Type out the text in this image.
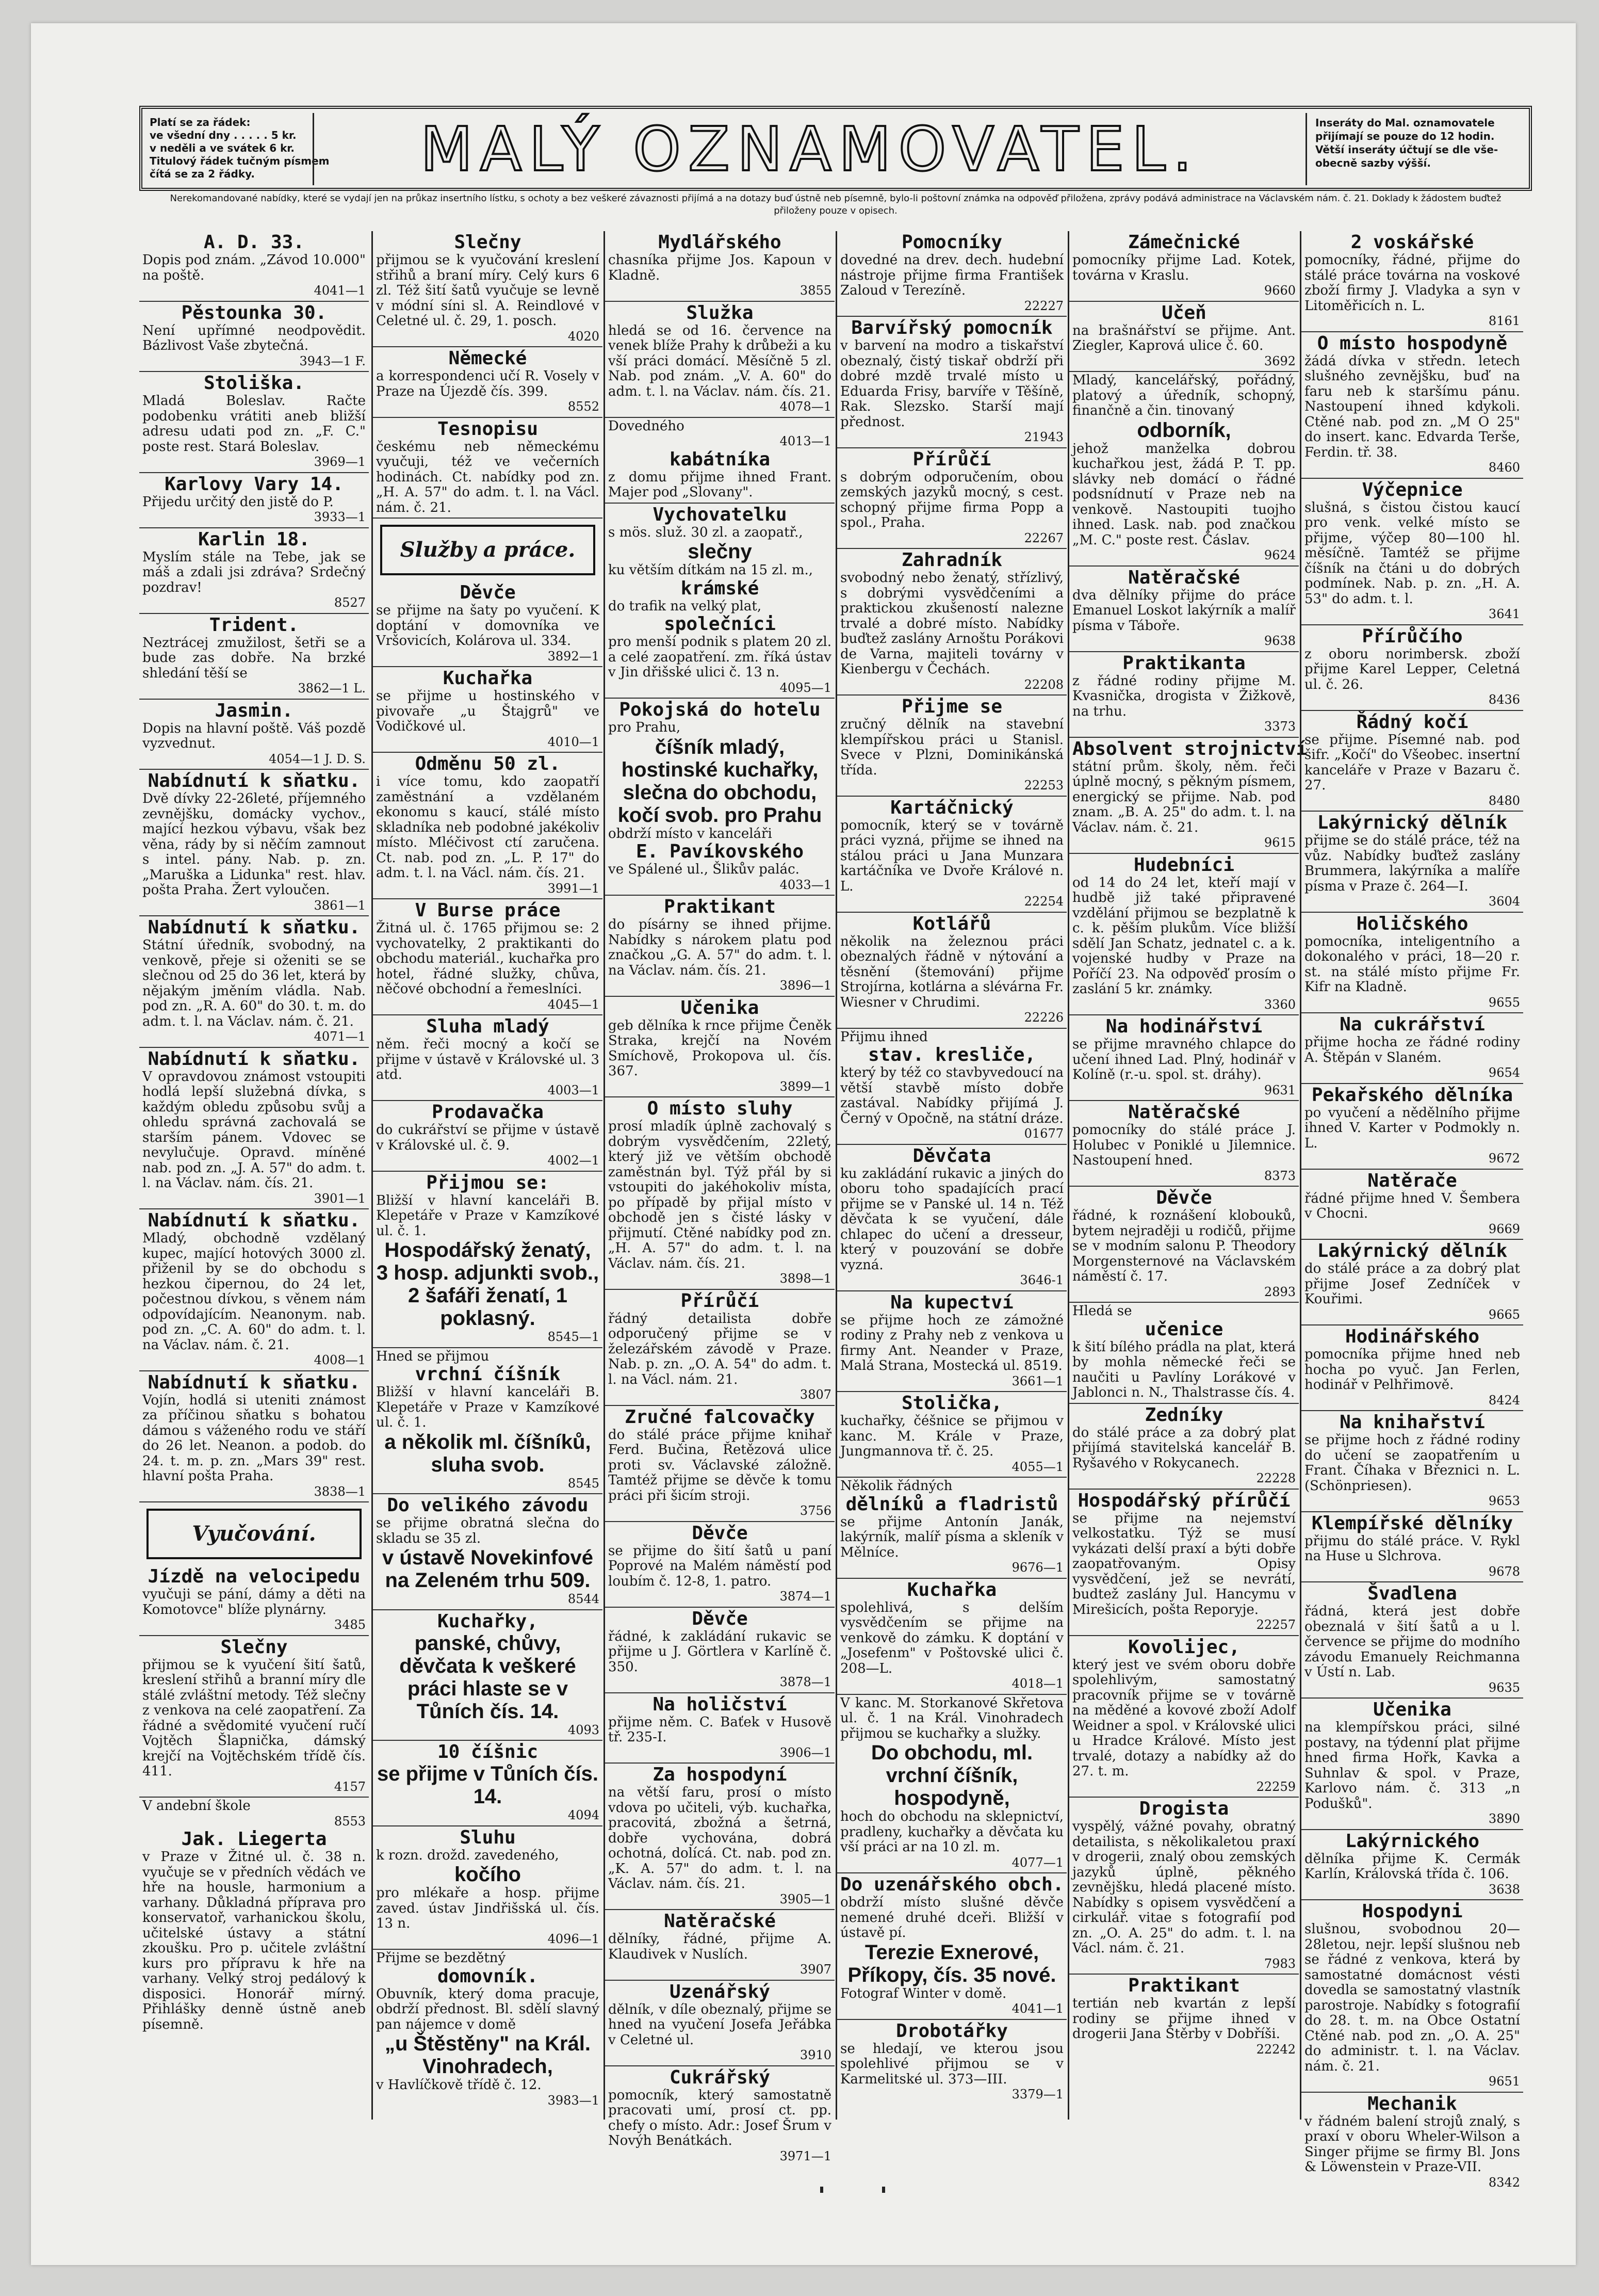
Platí se za řádek:
ve všední dny . . . . . 5 kr.
v neděli a ve svátek 6 kr.
Titulový řádek tučným písmem
čítá se za 2 řádky.	MALÝ OZNAMOVATEL.	Inseráty do Mal. oznamovatele
přijímají se pouze do 12 hodin.
Větší inseráty účtují se dle vše-
obecně sazby výšší.
Nerekomandované nabídky, které se vydají jen na průkaz insertního lístku, s ochoty a bez veškeré závaznosti přijímá a na dotazy buď ústně neb písemně, bylo-li poštovní známka na odpověď přiložena, zprávy podává administrace na Václavském nám. č. 21. Doklady k žádostem buďtež přiloženy pouze v opisech.
A. D. 33.
Dopis pod znám. „Závod 10.000" na poště.
4041—1
Pěstounka 30.
Není upřímné neodpovědit. Bázlivost Vaše zbytečná.
3943—1 F.
Stoliška.
Mladá Boleslav. Račte podobenku vrátiti aneb bližší adresu udati pod zn. „F. C." poste rest. Stará Boleslav.
3969—1
Karlovy Vary 14.
Přijedu určitý den jistě do P.
3933—1
Karlin 18.
Myslím stále na Tebe, jak se máš a zdali jsi zdráva? Srdečný pozdrav!
8527
Trident.
Neztrácej zmužilost, šetři se a bude zas dobře. Na brzké shledání těší se
3862—1 L.
Jasmin.
Dopis na hlavní poště. Váš pozdě vyzvednut.
4054—1 J. D. S.
Nabídnutí k sňatku.
Dvě dívky 22-26leté, příjemného zevnějšku, domácky vychov., mající hezkou výbavu, však bez věna, rády by si něčím zamnout s intel. pány. Nab. p. zn. „Maruška a Lidunka" rest. hlav. pošta Praha. Žert vyloučen.
3861—1
Nabídnutí k sňatku.
Státní úředník, svobodný, na venkově, přeje si oženiti se se slečnou od 25 do 36 let, která by nějakým jměním vládla. Nab. pod zn. „R. A. 60" do 30. t. m. do adm. t. l. na Václav. nám. č. 21.
4071—1
Nabídnutí k sňatku.
V opravdovou známost vstoupiti hodlá lepší služebná dívka, s každým obledu způsobu svůj a ohledu správná zachovalá se starším pánem. Vdovec se nevylučuje. Opravd. míněné nab. pod zn. „J. A. 57" do adm. t. l. na Václav. nám. čís. 21.
3901—1
Nabídnutí k sňatku.
Mladý, obchodně vzdělaný kupec, mající hotových 3000 zl. přiženil by se do obchodu s hezkou čipernou, do 24 let, počestnou dívkou, s věnem nám odpovídajícím. Neanonym. nab. pod zn. „C. A. 60" do adm. t. l. na Václav. nám. č. 21.
4008—1
Nabídnutí k sňatku.
Vojín, hodlá si uteniti známost za příčinou sňatku s bohatou dámou s váženého rodu ve stáří do 26 let. Neanon. a podob. do 24. t. m. p. zn. „Mars 39" rest. hlavní pošta Praha.
3838—1
Vyučování.
Jízdě na velocipedu
vyučuji se pání, dámy a děti na Komotovce" blíže plynárny.
3485
Slečny
přijmou se k vyučení šití šatů, kreslení střihů a branní míry dle stálé zvláštní metody. Též slečny z venkova na celé zaopatření. Za řádné a svědomité vyučení ručí Vojtěch Šlapnička, dámský krejčí na Vojtěchském třídě čís. 411.
4157
V andební škole
8553
Jak. Liegerta
v Praze v Žitné ul. č. 38 n. vyučuje se v předních vědách ve hře na housle, harmonium a varhany. Důkladná příprava pro konservatoř, varhanickou školu, učitelské ústavy a státní zkoušku. Pro p. učitele zvláštní kurs pro přípravu k hře na varhany. Velký stroj pedálový k disposici. Honorář mírný. Přihlášky denně ústně aneb písemně.
Slečny
přijmou se k vyučování kreslení střihů a braní míry. Celý kurs 6 zl. Též šití šatů vyučuje se levně v módní síni sl. A. Reindlové v Celetné ul. č. 29, 1. posch.
4020
Německé
a korrespondenci učí R. Vosely v Praze na Újezdě čís. 399.
8552
Tesnopisu
českému neb německému vyučuji, též ve večerních hodinách. Ct. nabídky pod zn. „H. A. 57" do adm. t. l. na Václ. nám. č. 21.
Služby a práce.
Děvče
se přijme na šaty po vyučení. K doptání v domovníka ve Vršovicích, Kolárova ul. 334.
3892—1
Kuchařka
se přijme u hostinského v pivovaře „u Štajgrů" ve Vodičkové ul.
4010—1
Odměnu 50 zl.
i více tomu, kdo zaopatří zaměstnání a vzdělaném ekonomu s kaucí, stálé místo skladníka neb podobné jakékoliv místo. Mléčivost ctí zaručena. Ct. nab. pod zn. „L. P. 17" do adm. t. l. na Václ. nám. čís. 21.
3991—1
V Burse práce
Žitná ul. č. 1765 přijmou se: 2 vychovatelky, 2 praktikanti do obchodu materiál., kuchařka pro hotel, řádné služky, chůva, něčové obchodní a řemeslníci.
4045—1
Sluha mladý
něm. řeči mocný a kočí se přijme v ústavě v Královské ul. 3 atd.
4003—1
Prodavačka
do cukrářství se přijme v ústavě v Královské ul. č. 9.
4002—1
Přijmou se:
Bližší v hlavní kanceláři B. Klepetáře v Praze v Kamzíkové ul. č. 1.
Hospodářský ženatý, 3 hosp. adjunkti svob., 2 šafáři ženatí, 1 poklasný.
8545—1
Hned se přijmou
vrchní číšník
Bližší v hlavní kanceláři B. Klepetáře v Praze v Kamzíkové ul. č. 1.
a několik ml. číšníků, sluha svob.
8545
Do velikého závodu
se přijme obratná slečna do skladu se 35 zl.
v ústavě Novekinfové na Zeleném trhu 509.
8544
Kuchařky,
panské, chůvy, děvčata k veškeré práci hlaste se v Tůních čís. 14.
4093
10 číšnic
se přijme v Tůních čís. 14.
4094
Sluhu
k rozn. drožd. zavedeného,
kočího
pro mlékaře a hosp. přijme zaved. ústav Jindřišská ul. čís. 13 n.
4096—1
Přijme se bezdětný
domovník.
Obuvník, který doma pracuje, obdrží přednost. Bl. sdělí slavný pan nájemce v domě
„u Štěstěny" na Král. Vinohradech,
v Havlíčkově třídě č. 12.
3983—1
Mydlářského
chasníka přijme Jos. Kapoun v Kladně.
3855
Služka
hledá se od 16. července na venek blíže Prahy k drůbeži a ku vší práci domácí. Měsíčně 5 zl. Nab. pod znám. „V. A. 60" do adm. t. l. na Václav. nám. čís. 21.
4078—1
Dovedného
4013—1
kabátníka
z domu přijme ihned Frant. Majer pod „Slovany".
Vychovatelku
s mös. služ. 30 zl. a zaopatř.,
slečny
ku větším dítkám na 15 zl. m.,
krámské
do trafik na velký plat,
společníci
pro menší podnik s platem 20 zl. a celé zaopatření. zm. říká ústav v Jin dřišské ulici č. 13 n.
4095—1
Pokojská do hotelu
pro Prahu,
číšník mladý, hostinské kuchařky, slečna do obchodu, kočí svob. pro Prahu
obdrží místo v kanceláři
E. Pavíkovského
ve Spálené ul., Šlikův palác.
4033—1
Praktikant
do písárny se ihned přijme. Nabídky s nárokem platu pod značkou „G. A. 57" do adm. t. l. na Václav. nám. čís. 21.
3896—1
Učenika
geb dělníka k rnce přijme Čeněk Straka, krejčí na Novém Smíchově, Prokopova ul. čís. 367.
3899—1
O místo sluhy
prosí mladík úplně zachovalý s dobrým vysvědčením, 22letý, který již ve větším obchodě zaměstnán byl. Týž přál by si vstoupiti do jakéhokoliv místa, po případě by přijal místo v obchodě jen s čisté lásky v přijmutí. Ctěné nabídky pod zn. „H. A. 57" do adm. t. l. na Václav. nám. čís. 21.
3898—1
Přírůčí
řádný detailista dobře odporučený přijme se v železářském závodě v Praze. Nab. p. zn. „O. A. 54" do adm. t. l. na Václ. nám. 21.
3807
Zručné falcovačky
do stálé práce přijme knihař Ferd. Bučina, Řetězová ulice proti sv. Václavské záložně. Tamtéž přijme se děvče k tomu práci při šicím stroji.
3756
Děvče
se přijme do šití šatů u paní Poprové na Malém náměstí pod loubím č. 12-8, 1. patro.
3874—1
Děvče
řádné, k zakládání rukavic se přijme u J. Görtlera v Karlíně č. 350.
3878—1
Na holičství
přijme něm. C. Baťek v Husově tř. 235-I.
3906—1
Za hospodyní
na větší faru, prosí o místo vdova po učiteli, výb. kuchařka, pracovitá, zbožná a šetrná, dobře vychována, dobrá ochotná, dolícá. Ct. nab. pod zn. „K. A. 57" do adm. t. l. na Václav. nám. čís. 21.
3905—1
Natěračské
dělníky, řádné, přijme A. Klaudivek v Nuslích.
3907
Uzenářský
dělník, v díle obeznalý, přijme se hned na vyučení Josefa Jeřábka v Celetné ul.
3910
Cukrářský
pomocník, který samostatně pracovati umí, prosí ct. pp. chefy o místo. Adr.: Josef Šrum v Novýh Benátkách.
3971—1
Pomocníky
dovedné na drev. dech. hudební nástroje přijme firma František Zaloud v Terezíně.
22227
Barvířský pomocník
v barvení na modro a tiskařství obeznalý, čistý tiskař obdrží při dobré mzdě trvalé místo u Eduarda Frisy, barvíře v Těšíně, Rak. Slezsko. Starší mají přednost.
21943
Přírůčí
s dobrým odporučením, obou zemských jazyků mocný, s cest. schopný přijme firma Popp a spol., Praha.
22267
Zahradník
svobodný nebo ženatý, střízlivý, s dobrými vysvědčeními a praktickou zkušeností nalezne trvalé a dobré místo. Nabídky buďtež zaslány Arnoštu Porákovi de Varna, majiteli továrny v Kienbergu v Čechách.
22208
Přijme se
zručný dělník na stavební klempířskou práci u Stanisl. Svece v Plzni, Dominikánská třída.
22253
Kartáčnický
pomocník, který se v továrně práci vyzná, přijme se ihned na stálou práci u Jana Munzara kartáčníka ve Dvoře Králové n. L.
22254
Kotlářů
několik na železnou práci obeznalých řádně v nýtování a těsnění (štemování) přijme Strojírna, kotlárna a slévárna Fr. Wiesner v Chrudimi.
22226
Přijmu ihned
stav. kresliče,
který by též co stavbyvedoucí na větší stavbě místo dobře zastával. Nabídky přijímá J. Černý v Opočně, na státní dráze.
01677
Děvčata
ku zakládání rukavic a jiných do oboru toho spadajících prací přijme se v Panské ul. 14 n. Též děvčata k se vyučení, dále chlapec do učení a dresseur, který v pouzování se dobře vyzná.
3646-1
Na kupectví
se přijme hoch ze zámožné rodiny z Prahy neb z venkova u firmy Ant. Neander v Praze, Malá Strana, Mostecká ul. 8519.
3661—1
Stolička,
kuchařky, čéšnice se přijmou v kanc. M. Krále v Praze, Jungmannova tř. č. 25.
4055—1
Několik řádných
dělníků a fladristů
se přijme Antonín Janák, lakýrník, malíř písma a skleník v Mělníce.
9676—1
Kuchařka
spolehlivá, s delším vysvědčením se přijme na venkově do zámku. K doptání v „Josefenm" v Poštovské ulici č. 208—L.
4018—1
V kanc. M. Storkanové Skřetova ul. č. 1 na Král. Vinohradech přijmou se kuchařky a služky.
Do obchodu, ml. vrchní číšník, hospodyně,
hoch do obchodu na sklepnictví, pradleny, kuchařky a děvčata ku vší práci ar na 10 zl. m.
4077—1
Do uzenářského obch.
obdrží místo slušné děvče nemené druhé dceři. Bližší v ústavě pí.
Terezie Exnerové, Příkopy, čís. 35 nové.
Fotograf Winter v domě.
4041—1
Drobotářky
se hledají, ve kterou jsou spolehlivé přijmou se v Karmelitské ul. 373—III.
3379—1
Zámečnické
pomocníky přijme Lad. Kotek, továrna v Kraslu.
9660
Učeň
na brašnářství se přijme. Ant. Ziegler, Kaprová ulice č. 60.
3692
Mladý, kancelářský, pořádný, platový a úředník, schopný, finančně a čin. tinovaný
odborník,
jehož manželka dobrou kuchařkou jest, žádá P. T. pp. slávky neb domácí o řádné podsnídnutí v Praze neb na venkově. Nastoupiti tuojho ihned. Lask. nab. pod značkou „M. C." poste rest. Čáslav.
9624
Natěračské
dva dělníky přijme do práce Emanuel Loskot lakýrník a malíř písma v Táboře.
9638
Praktikanta
z řádné rodiny přijme M. Kvasnička, drogista v Žižkově, na trhu.
3373
Absolvent strojnictví
státní prům. školy, něm. řeči úplně mocný, s pěkným písmem, energický se přijme. Nab. pod znam. „B. A. 25" do adm. t. l. na Václav. nám. č. 21.
9615
Hudebníci
od 14 do 24 let, kteří mají v hudbě již také připravené vzdělání přijmou se bezplatně k c. k. pěším plukům. Více bližší sdělí Jan Schatz, jednatel c. a k. vojenské hudby v Praze na Poříčí 23. Na odpověď prosím o zaslání 5 kr. známky.
3360
Na hodinářství
se přijme mravného chlapce do učení ihned Lad. Plný, hodinář v Kolíně (r.-u. spol. st. dráhy).
9631
Natěračské
pomocníky do stálé práce J. Holubec v Poniklé u Jilemnice. Nastoupení hned.
8373
Děvče
řádné, k roznášení klobouků, bytem nejraději u rodičů, přijme se v modním salonu P. Theodory Morgensternové na Václavském náměstí č. 17.
2893
Hledá se
učenice
k šití bílého prádla na plat, která by mohla německé řeči se naučiti u Pavlíny Lorákové v Jablonci n. N., Thalstrasse čís. 4.
Zedníky
do stálé práce a za dobrý plat přijímá stavitelská kancelář B. Ryšavého v Rokycanech.
22228
Hospodářský přírůčí
se přijme na nejemství velkostatku. Týž se musí vykázati delší praxí a býti dobře zaopatřovaným. Opisy vysvědčení, jež se nevrátí, budtež zaslány Jul. Hancymu v Mirešicích, pošta Reporyje.
22257
Kovolijec,
který jest ve svém oboru dobře spolehlivým, samostatný pracovník přijme se v továrně na měděné a kovové zboží Adolf Weidner a spol. v Královské ulici u Hradce Králové. Místo jest trvalé, dotazy a nabídky až do 27. t. m.
22259
Drogista
vyspělý, vážné povahy, obratný detailista, s několikaletou praxí v drogerii, znalý obou zemských jazyků úplně, pěkného zevnějšku, hledá placené místo. Nabídky s opisem vysvědčení a cirkulář. vitae s fotografií pod zn. „O. A. 25" do adm. t. l. na Václ. nám. č. 21.
7983
Praktikant
tertián neb kvartán z lepší rodiny se přijme ihned v drogerii Jana Štěrby v Dobříši.
22242
2 voskářské
pomocníky, řádné, přijme do stálé práce továrna na voskové zboží firmy J. Vladyka a syn v Litoměřicích n. L.
8161
O místo hospodyně
žádá dívka v středn. letech slušného zevnějšku, buď na faru neb k staršímu pánu. Nastoupení ihned kdykoli. Ctěné nab. pod zn. „M O 25" do insert. kanc. Edvarda Terše, Ferdin. tř. 38.
8460
Výčepnice
slušná, s čistou čistou kaucí pro venk. velké místo se přijme, výčep 80—100 hl. měsíčně. Tamtéž se přijme číšník na čtáni u do dobrých podmínek. Nab. p. zn. „H. A. 53" do adm. t. l.
3641
Přírůčího
z oboru norimbersk. zboží přijme Karel Lepper, Celetná ul. č. 26.
8436
Řádný kočí
se přijme. Písemné nab. pod šifr. „Kočí" do Všeobec. insertní kanceláře v Praze v Bazaru č. 27.
8480
Lakýrnický dělník
přijme se do stálé práce, též na vůz. Nabídky buďtež zaslány Brummera, lakýrníka a malíře písma v Praze č. 264—I.
3604
Holičského
pomocníka, inteligentního a dokonalého v práci, 18—20 r. st. na stálé místo přijme Fr. Kifr na Kladně.
9655
Na cukrářství
přijme hocha ze řádné rodiny A. Štěpán v Slaném.
9654
Pekařského dělníka
po vyučení a nědělního přijme ihned V. Karter v Podmokly n. L.
9672
Natěrače
řádné přijme hned V. Šembera v Chocni.
9669
Lakýrnický dělník
do stálé práce a za dobrý plat přijme Josef Zedníček v Kouřimi.
9665
Hodinářského
pomocníka přijme hned neb hocha po vyuč. Jan Ferlen, hodinář v Pelhřimově.
8424
Na knihařství
se přijme hoch z řádné rodiny do učení se zaopatřením u Frant. Číhaka v Březnici n. L. (Schönpriesen).
9653
Klempířské dělníky
přijmu do stálé práce. V. Rykl na Huse u Slchrova.
9678
Švadlena
řádná, která jest dobře obeznalá v šití šatů a u l. července se přijme do modního závodu Emanuely Reichmanna v Ústí n. Lab.
9635
Učenika
na klempířskou práci, silné postavy, na týdenní plat přijme hned firma Hořk, Kavka a Suhnlav & spol. v Praze, Karlovo nám. č. 313 „n Podušků".
3890
Lakýrnického
dělníka přijme K. Cermák Karlín, Královská třída č. 106.
3638
Hospodyni
slušnou, svobodnou 20—28letou, nejr. lepší slušnou neb se řádné z venkova, která by samostatné domácnost vésti dovedla se samostatný vlastník parostroje. Nabídky s fotografií do 28. t. m. na Obce Ostatní Ctěné nab. pod zn. „O. A. 25" do administr. t. l. na Václav. nám. č. 21.
9651
Mechanik
v řádném balení strojů znalý, s praxí v oboru Wheler-Wilson a Singer přijme se firmy Bl. Jons & Löwenstein v Praze-VII.
8342
